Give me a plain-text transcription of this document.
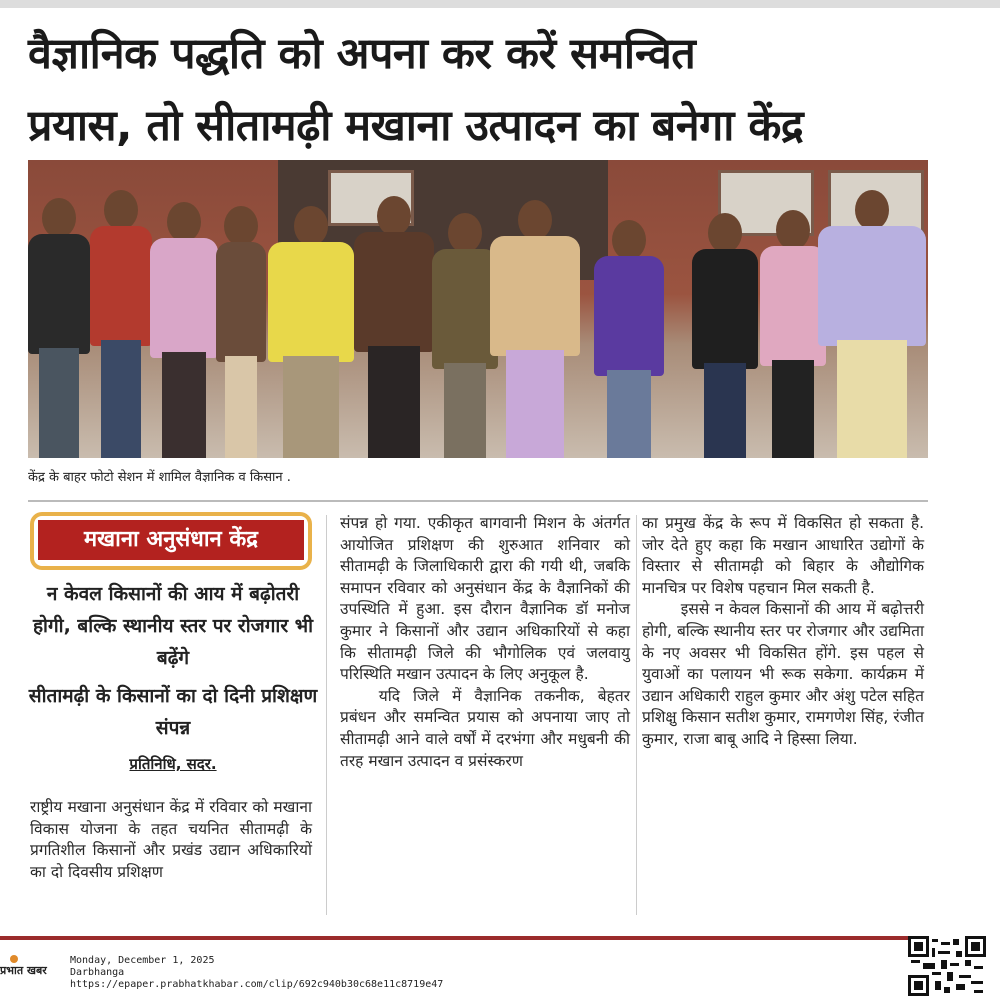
वैज्ञानिक पद्धति को अपना कर करें समन्वित
प्रयास, तो सीतामढ़ी मखाना उत्पादन का बनेगा केंद्र
केंद्र के बाहर फोटो सेशन में शामिल वैज्ञानिक व किसान .
मखाना अनुसंधान केंद्र
न केवल किसानों की आय में बढ़ोतरी होगी, बल्कि स्थानीय स्तर पर रोजगार भी बढ़ेंगे
सीतामढ़ी के किसानों का दो दिनी प्रशिक्षण संपन्न
प्रतिनिधि, सदर.

राष्ट्रीय मखाना अनुसंधान केंद्र में रविवार को मखाना विकास योजना के तहत चयनित सीतामढ़ी के प्रगतिशील किसानों और प्रखंड उद्यान अधिकारियों का दो दिवसीय प्रशिक्षण

संपन्न हो गया. एकीकृत बागवानी मिशन के अंतर्गत आयोजित प्रशिक्षण की शुरुआत शनिवार को सीतामढ़ी के जिलाधिकारी द्वारा की गयी थी, जबकि समापन रविवार को अनुसंधान केंद्र के वैज्ञानिकों की उपस्थिति में हुआ. इस दौरान वैज्ञानिक डॉ मनोज कुमार ने किसानों और उद्यान अधिकारियों से कहा कि सीतामढ़ी जिले की भौगोलिक एवं जलवायु परिस्थिति मखान उत्पादन के लिए अनुकूल है.

यदि जिले में वैज्ञानिक तकनीक, बेहतर प्रबंधन और समन्वित प्रयास को अपनाया जाए तो सीतामढ़ी आने वाले वर्षों में दरभंगा और मधुबनी की तरह मखान उत्पादन व प्रसंस्करण

का प्रमुख केंद्र के रूप में विकसित हो सकता है. जोर देते हुए कहा कि मखान आधारित उद्योगों के विस्तार से सीतामढ़ी को बिहार के औद्योगिक मानचित्र पर विशेष पहचान मिल सकती है.

इससे न केवल किसानों की आय में बढ़ोत्तरी होगी, बल्कि स्थानीय स्तर पर रोजगार और उद्यमिता के नए अवसर भी विकसित होंगे. इस पहल से युवाओं का पलायन भी रूक सकेगा. कार्यक्रम में उद्यान अधिकारी राहुल कुमार और अंशु पटेल सहित प्रशिक्षु किसान सतीश कुमार, रामगणेश सिंह, रंजीत कुमार, राजा बाबू आदि ने हिस्सा लिया.

प्रभात खबर
Monday, December 1, 2025
Darbhanga
https://epaper.prabhatkhabar.com/clip/692c940b30c68e11c8719e47
